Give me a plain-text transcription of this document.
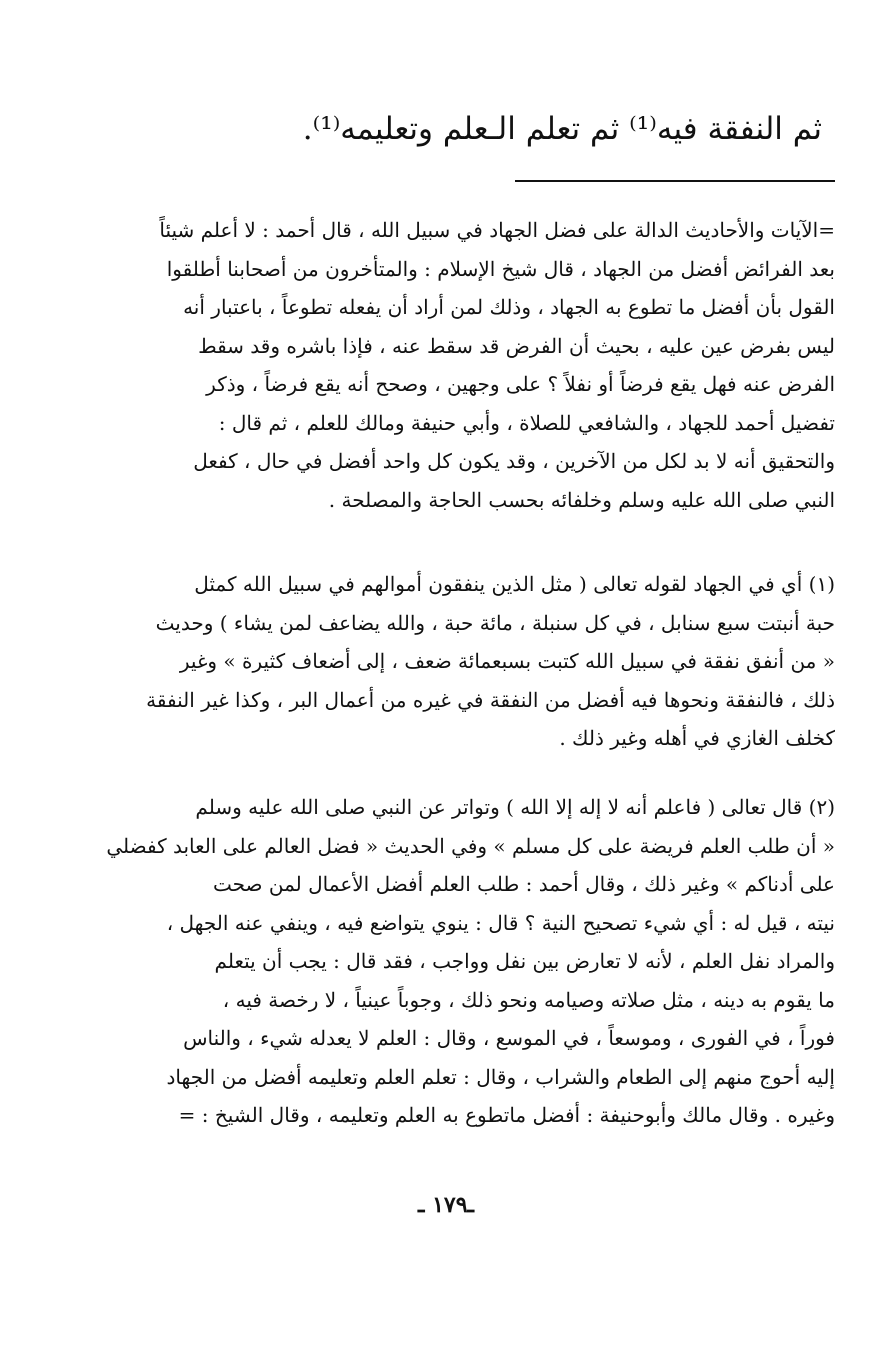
ثم النفقة فيه⁽¹⁾ ثم تعلم الـعلم وتعليمه⁽¹⁾.
=الآيات والأحاديث الدالة على فضل الجهاد في سبيل الله ، قال أحمد : لا أعلم شيئاً
بعد الفرائض أفضل من الجهاد ، قال شيخ الإسلام : والمتأخرون من أصحابنا أطلقوا
القول بأن أفضل ما تطوع به الجهاد ، وذلك لمن أراد أن يفعله تطوعاً ، باعتبار أنه
ليس بفرض عين عليه ، بحيث أن الفرض قد سقط عنه ، فإذا باشره وقد سقط
الفرض عنه فهل يقع فرضاً أو نفلاً ؟ على وجهين ، وصحح أنه يقع فرضاً ، وذكر
تفضيل أحمد للجهاد ، والشافعي للصلاة ، وأبي حنيفة ومالك للعلم ، ثم قال :
والتحقيق أنه لا بد لكل من الآخرين ، وقد يكون كل واحد أفضل في حال ، كفعل
النبي صلى الله عليه وسلم وخلفائه بحسب الحاجة والمصلحة .
(١) أي في الجهاد لقوله تعالى ( مثل الذين ينفقون أموالهم في سبيل الله كمثل
حبة أنبتت سبع سنابل ، في كل سنبلة ، مائة حبة ، والله يضاعف لمن يشاء ) وحديث
« من أنفق نفقة في سبيل الله كتبت بسبعمائة ضعف ، إلى أضعاف كثيرة » وغير
ذلك ، فالنفقة ونحوها فيه أفضل من النفقة في غيره من أعمال البر ، وكذا غير النفقة
كخلف الغازي في أهله وغير ذلك .
(٢) قال تعالى ( فاعلم أنه لا إله إلا الله ) وتواتر عن النبي صلى الله عليه وسلم
« أن طلب العلم فريضة على كل مسلم » وفي الحديث « فضل العالم على العابد كفضلي
على أدناكم » وغير ذلك ، وقال أحمد : طلب العلم أفضل الأعمال لمن صحت
نيته ، قيل له : أي شيء تصحيح النية ؟ قال : ينوي يتواضع فيه ، وينفي عنه الجهل ،
والمراد نفل العلم ، لأنه لا تعارض بين نفل وواجب ، فقد قال : يجب أن يتعلم
ما يقوم به دينه ، مثل صلاته وصيامه ونحو ذلك ، وجوباً عينياً ، لا رخصة فيه ،
فوراً ، في الفورى ، وموسعاً ، في الموسع ، وقال : العلم لا يعدله شيء ، والناس
إليه أحوج منهم إلى الطعام والشراب ، وقال : تعلم العلم وتعليمه أفضل من الجهاد
وغيره . وقال مالك وأبوحنيفة : أفضل ماتطوع به العلم وتعليمه ، وقال الشيخ : =
ـ١٧٩ ـ
